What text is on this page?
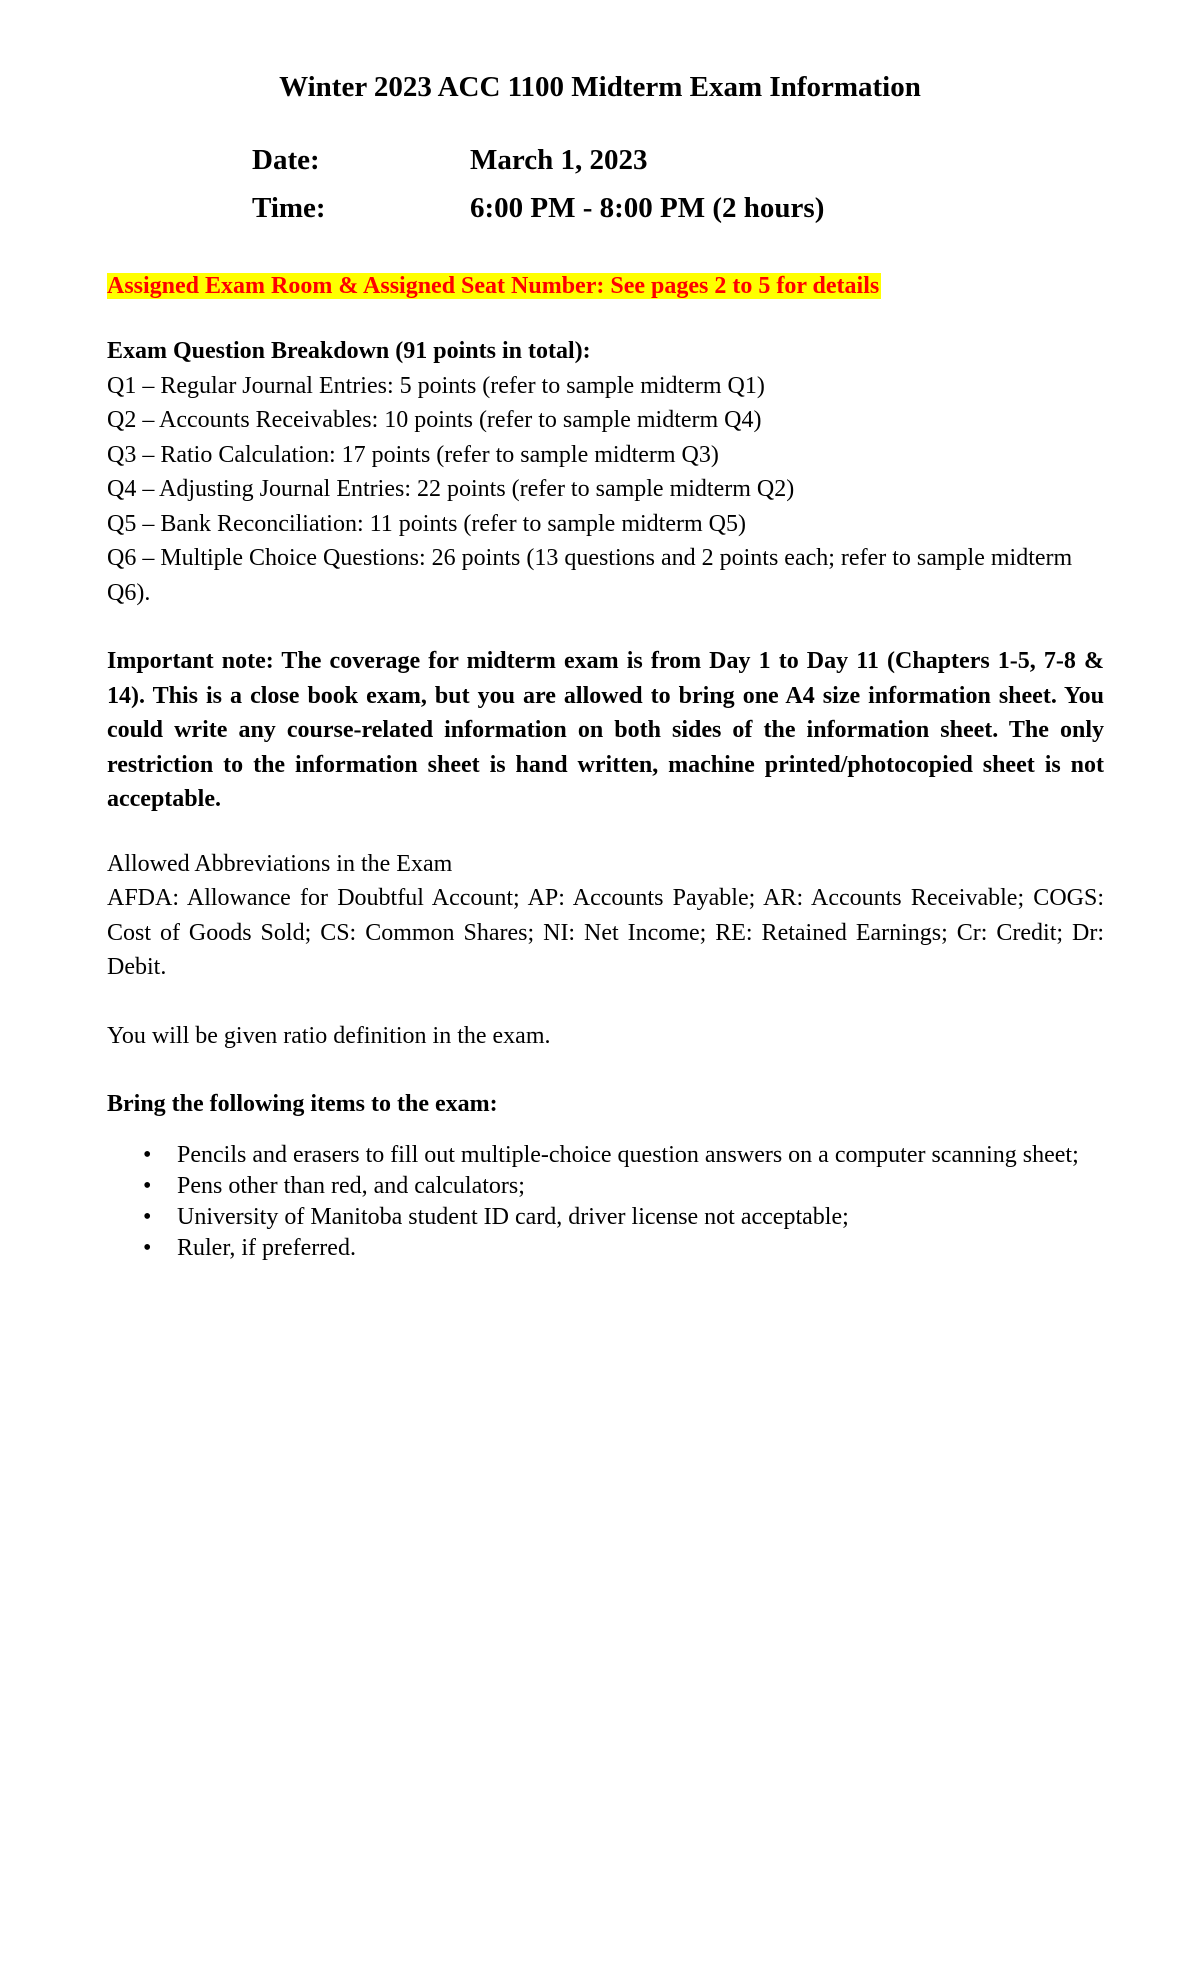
Winter 2023 ACC 1100 Midterm Exam Information
Date:	March 1, 2023
Time:	6:00 PM - 8:00 PM (2 hours)
Assigned Exam Room & Assigned Seat Number: See pages 2 to 5 for details

Exam Question Breakdown (91 points in total):

Q1 – Regular Journal Entries: 5 points (refer to sample midterm Q1)

Q2 – Accounts Receivables: 10 points (refer to sample midterm Q4)

Q3 – Ratio Calculation: 17 points (refer to sample midterm Q3)

Q4 – Adjusting Journal Entries: 22 points (refer to sample midterm Q2)

Q5 – Bank Reconciliation: 11 points (refer to sample midterm Q5)

Q6 – Multiple Choice Questions: 26 points (13 questions and 2 points each; refer to sample midterm Q6).

Important note: The coverage for midterm exam is from Day 1 to Day 11 (Chapters 1-5, 7-8 & 14). This is a close book exam, but you are allowed to bring one A4 size information sheet. You could write any course-related information on both sides of the information sheet. The only restriction to the information sheet is hand written, machine printed/photocopied sheet is not acceptable.

Allowed Abbreviations in the Exam

AFDA: Allowance for Doubtful Account; AP: Accounts Payable; AR: Accounts Receivable; COGS: Cost of Goods Sold; CS: Common Shares; NI: Net Income; RE: Retained Earnings; Cr: Credit; Dr: Debit.

You will be given ratio definition in the exam.

Bring the following items to the exam:

• Pencils and erasers to fill out multiple-choice question answers on a computer scanning sheet;
• Pens other than red, and calculators;
• University of Manitoba student ID card, driver license not acceptable;
• Ruler, if preferred.
